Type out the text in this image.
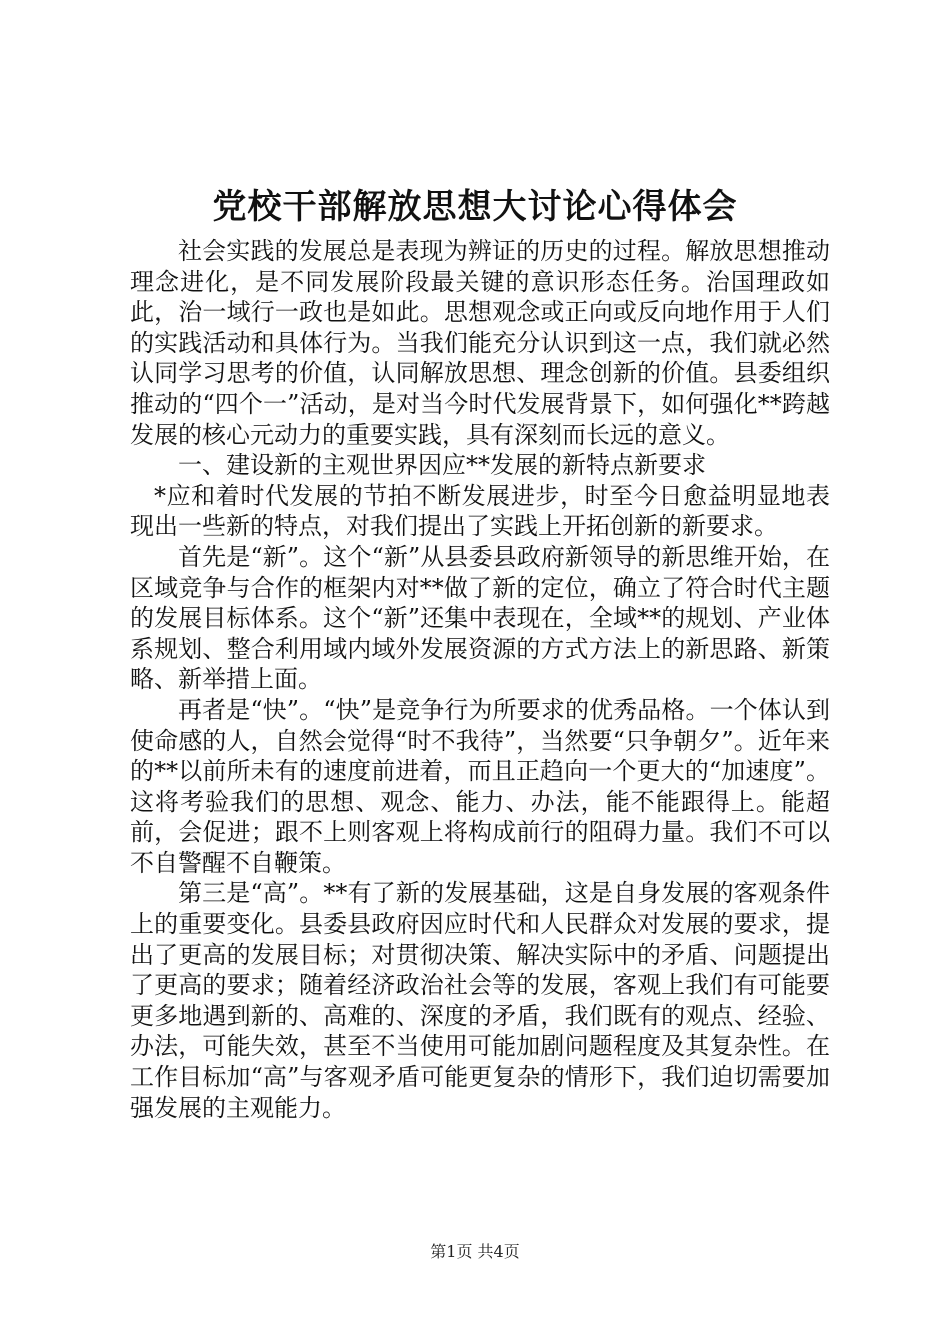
党校干部解放思想大讨论心得体会

社会实践的发展总是表现为辨证的历史的过程。解放思想推动理念进化，是不同发展阶段最关键的意识形态任务。治国理政如此，治一域行一政也是如此。思想观念或正向或反向地作用于人们的实践活动和具体行为。当我们能充分认识到这一点，我们就必然认同学习思考的价值，认同解放思想、理念创新的价值。县委组织推动的“四个一”活动，是对当今时代发展背景下，如何强化**跨越发展的核心元动力的重要实践，具有深刻而长远的意义。

一、建设新的主观世界因应**发展的新特点新要求

*应和着时代发展的节拍不断发展进步，时至今日愈益明显地表现出一些新的特点，对我们提出了实践上开拓创新的新要求。

首先是“新”。这个“新”从县委县政府新领导的新思维开始，在区域竞争与合作的框架内对**做了新的定位，确立了符合时代主题的发展目标体系。这个“新”还集中表现在，全域**的规划、产业体系规划、整合利用域内域外发展资源的方式方法上的新思路、新策略、新举措上面。

再者是“快”。“快”是竞争行为所要求的优秀品格。一个体认到使命感的人，自然会觉得“时不我待”，当然要“只争朝夕”。近年来的**以前所未有的速度前进着，而且正趋向一个更大的“加速度”。这将考验我们的思想、观念、能力、办法，能不能跟得上。能超前，会促进；跟不上则客观上将构成前行的阻碍力量。我们不可以不自警醒不自鞭策。

第三是“高”。**有了新的发展基础，这是自身发展的客观条件上的重要变化。县委县政府因应时代和人民群众对发展的要求，提出了更高的发展目标；对贯彻决策、解决实际中的矛盾、问题提出了更高的要求；随着经济政治社会等的发展，客观上我们有可能要更多地遇到新的、高难的、深度的矛盾，我们既有的观点、经验、办法，可能失效，甚至不当使用可能加剧问题程度及其复杂性。在工作目标加“高”与客观矛盾可能更复杂的情形下，我们迫切需要加强发展的主观能力。

第1页 共4页
